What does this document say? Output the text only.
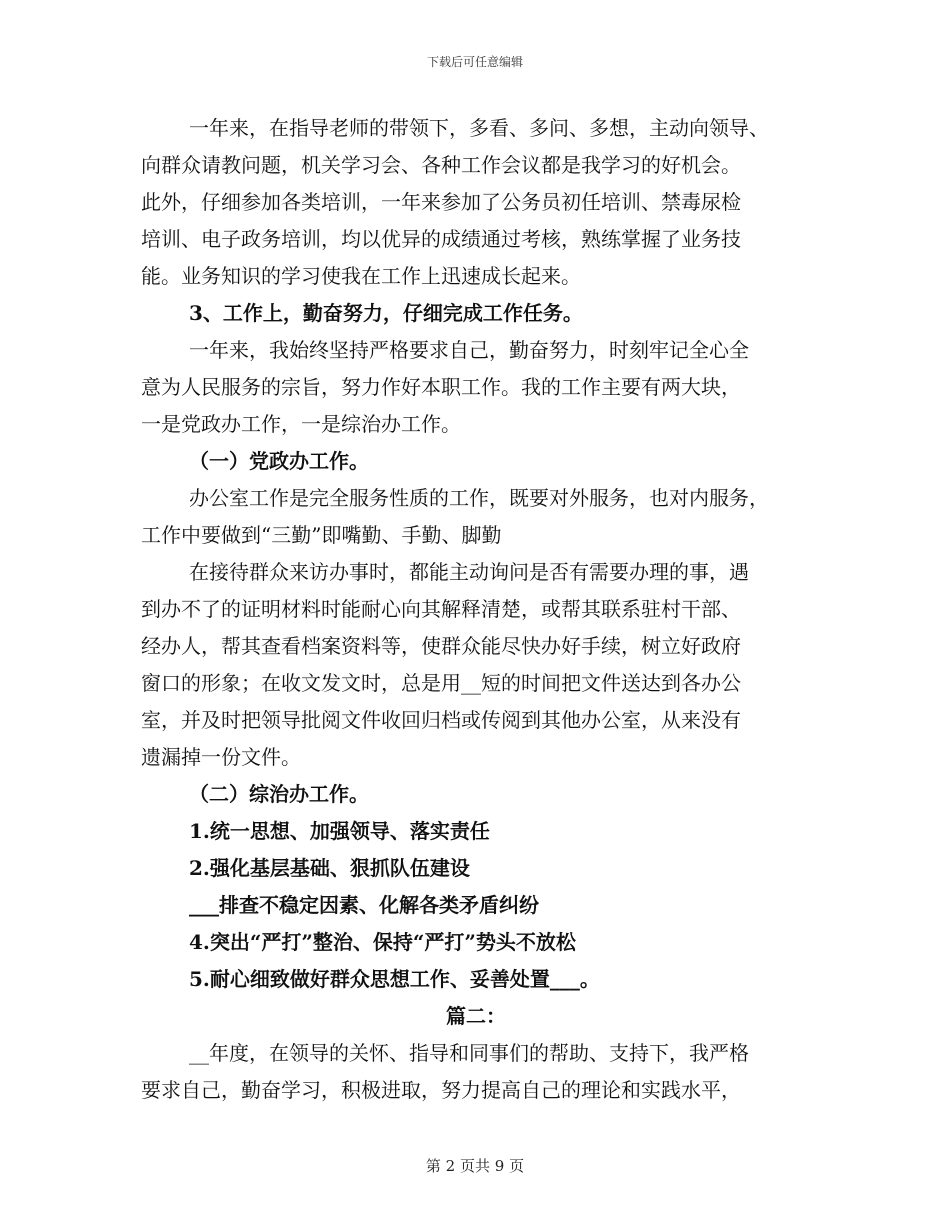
下载后可任意编辑

一年来，在指导老师的带领下，多看、多问、多想，主动向领导、
向群众请教问题，机关学习会、各种工作会议都是我学习的好机会。
此外，仔细参加各类培训，一年来参加了公务员初任培训、禁毒尿检
培训、电子政务培训，均以优异的成绩通过考核，熟练掌握了业务技
能。业务知识的学习使我在工作上迅速成长起来。

3、工作上，勤奋努力，仔细完成工作任务。

一年来，我始终坚持严格要求自己，勤奋努力，时刻牢记全心全
意为人民服务的宗旨，努力作好本职工作。我的工作主要有两大块，
一是党政办工作，一是综治办工作。

（一）党政办工作。

办公室工作是完全服务性质的工作，既要对外服务，也对内服务，
工作中要做到“三勤”即嘴勤、手勤、脚勤

在接待群众来访办事时，都能主动询问是否有需要办理的事，遇
到办不了的证明材料时能耐心向其解释清楚，或帮其联系驻村干部、
经办人，帮其查看档案资料等，使群众能尽快办好手续，树立好政府
窗口的形象；在收文发文时，总是用__短的时间把文件送达到各办公
室，并及时把领导批阅文件收回归档或传阅到其他办公室，从来没有
遗漏掉一份文件。

（二）综治办工作。

1.统一思想、加强领导、落实责任

2.强化基层基础、狠抓队伍建设

___排查不稳定因素、化解各类矛盾纠纷

4.突出“严打”整治、保持“严打”势头不放松

5.耐心细致做好群众思想工作、妥善处置___。

篇二：

__年度，在领导的关怀、指导和同事们的帮助、支持下，我严格
要求自己，勤奋学习，积极进取，努力提高自己的理论和实践水平，

第 2 页共 9 页
